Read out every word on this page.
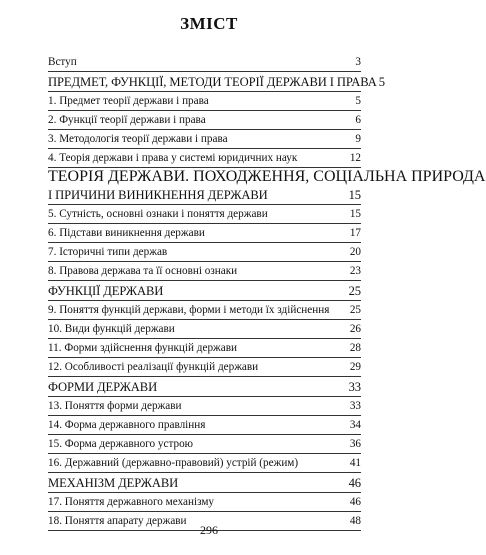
ЗМІСТ
Вступ	3
ПРЕДМЕТ, ФУНКЦІЇ, МЕТОДИ ТЕОРІЇ ДЕРЖАВИ І ПРАВА 5
1. Предмет теорії держави і права	5
2. Функції теорії держави і права	6
3. Методологія теорії держави і права	9
4. Теорія держави і права у системі юридичних наук	12
ТЕОРІЯ ДЕРЖАВИ. ПОХОДЖЕННЯ, СОЦІАЛЬНА ПРИРОДА
І ПРИЧИНИ ВИНИКНЕННЯ ДЕРЖАВИ	15
5. Сутність, основні ознаки і поняття держави	15
6. Підстави виникнення держави	17
7. Історичні типи держав	20
8. Правова держава та її основні ознаки	23
ФУНКЦІЇ ДЕРЖАВИ	25
9. Поняття функцій держави, форми і методи їх здійснення 25
10. Види функцій держави	26
11. Форми здійснення функцій держави	28
12. Особливості реалізації функцій держави	29
ФОРМИ ДЕРЖАВИ	33
13. Поняття форми держави	33
14. Форма державного правління	34
15. Форма державного устрою	36
16. Державний (державно-правовий) устрій (режим)	41
МЕХАНІЗМ ДЕРЖАВИ	46
17. Поняття державного механізму	46
18. Поняття апарату держави	48
296
